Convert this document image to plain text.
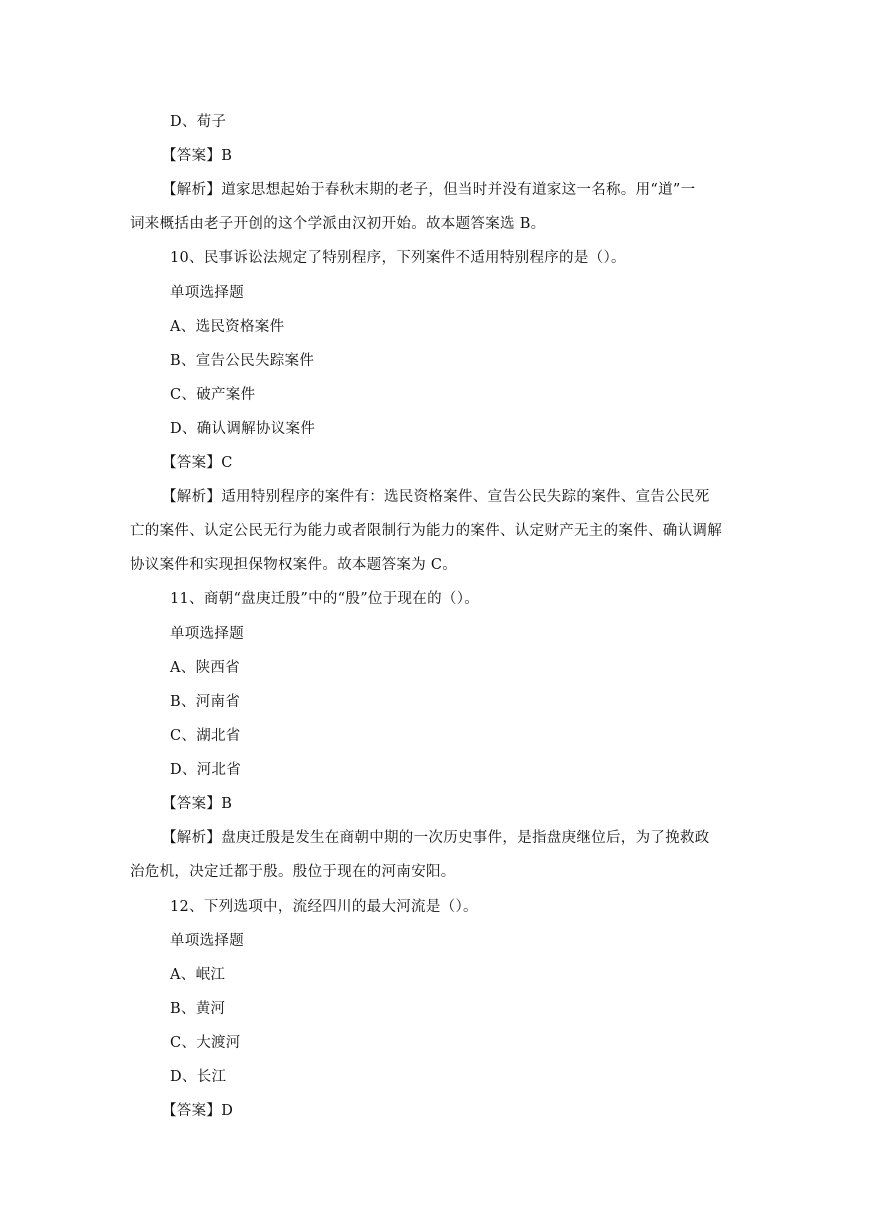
D、荀子
【答案】B
【解析】道家思想起始于春秋末期的老子，但当时并没有道家这一名称。用“道”一
词来概括由老子开创的这个学派由汉初开始。故本题答案选 B。
10、民事诉讼法规定了特别程序，下列案件不适用特别程序的是（）。
单项选择题
A、选民资格案件
B、宣告公民失踪案件
C、破产案件
D、确认调解协议案件
【答案】C
【解析】适用特别程序的案件有：选民资格案件、宣告公民失踪的案件、宣告公民死
亡的案件、认定公民无行为能力或者限制行为能力的案件、认定财产无主的案件、确认调解
协议案件和实现担保物权案件。故本题答案为 C。
11、商朝“盘庚迁殷”中的“殷”位于现在的（）。
单项选择题
A、陕西省
B、河南省
C、湖北省
D、河北省
【答案】B
【解析】盘庚迁殷是发生在商朝中期的一次历史事件，是指盘庚继位后，为了挽救政
治危机，决定迁都于殷。殷位于现在的河南安阳。
12、下列选项中，流经四川的最大河流是（）。
单项选择题
A、岷江
B、黄河
C、大渡河
D、长江
【答案】D
